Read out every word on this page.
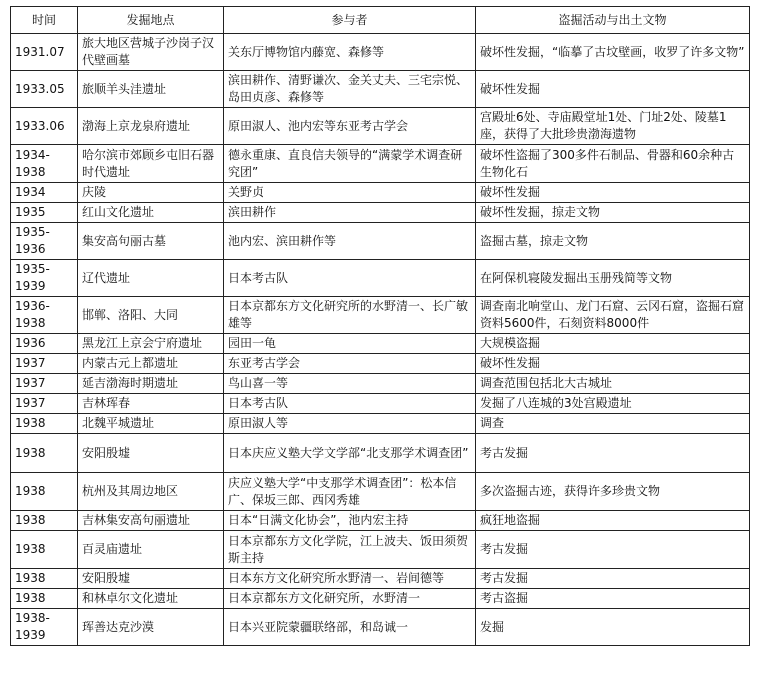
时间	发掘地点	参与者	盗掘活动与出土文物
1931.07	旅大地区营城子沙岗子汉代壁画墓	关东厅博物馆内藤宽、森修等	破坏性发掘，“临摹了古坟壁画，收罗了许多文物”
1933.05	旅顺羊头洼遗址	滨田耕作、清野谦次、金关丈夫、三宅宗悦、岛田贞彦、森修等	破坏性发掘
1933.06	渤海上京龙泉府遗址	原田淑人、池内宏等东亚考古学会	宫殿址6处、寺庙殿堂址1处、门址2处、陵墓1座，获得了大批珍贵渤海遗物
1934-1938	哈尔滨市郊顾乡屯旧石器时代遗址	德永重康、直良信夫领导的“满蒙学术调查研究团”	破坏性盗掘了300多件石制品、骨器和60余种古生物化石
1934	庆陵	关野贞	破坏性发掘
1935	红山文化遗址	滨田耕作	破坏性发掘，掠走文物
1935-1936	集安高句丽古墓	池内宏、滨田耕作等	盗掘古墓，掠走文物
1935-1939	辽代遗址	日本考古队	在阿保机寝陵发掘出玉册残简等文物
1936-1938	邯郸、洛阳、大同	日本京都东方文化研究所的水野清一、长广敏雄等	调查南北响堂山、龙门石窟、云冈石窟，盗掘石窟资料5600件，石刻资料8000件
1936	黑龙江上京会宁府遗址	园田一龟	大规模盗掘
1937	内蒙古元上都遗址	东亚考古学会	破坏性发掘
1937	延吉渤海时期遗址	鸟山喜一等	调查范围包括北大古城址
1937	吉林珲春	日本考古队	发掘了八连城的3处宫殿遗址
1938	北魏平城遗址	原田淑人等	调查
1938	安阳殷墟	日本庆应义塾大学文学部“北支那学术调查团”	考古发掘
1938	杭州及其周边地区	庆应义塾大学“中支那学术调查团”：松本信广、保坂三郎、西冈秀雄	多次盗掘古迹，获得许多珍贵文物
1938	吉林集安高句丽遗址	日本“日满文化协会”，池内宏主持	疯狂地盗掘
1938	百灵庙遗址	日本京都东方文化学院，江上波夫、饭田须贺斯主持	考古发掘
1938	安阳殷墟	日本东方文化研究所水野清一、岩间德等	考古发掘
1938	和林卓尔文化遗址	日本京都东方文化研究所，水野清一	考古盗掘
1938-1939	珲善达克沙漠	日本兴亚院蒙疆联络部，和岛诚一	发掘
